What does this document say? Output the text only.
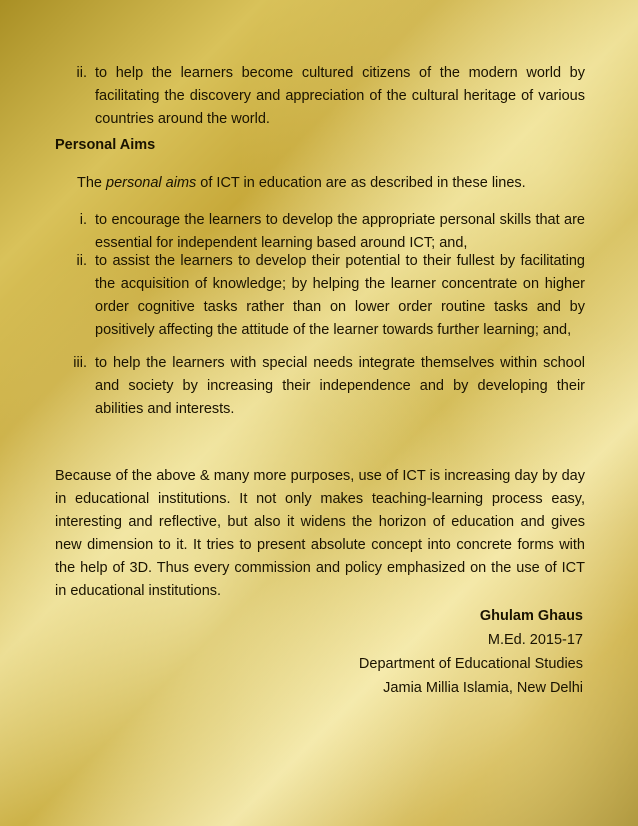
ii. to help the learners become cultured citizens of the modern world by facilitating the discovery and appreciation of the cultural heritage of various countries around the world.
Personal Aims
The personal aims of ICT in education are as described in these lines.
i. to encourage the learners to develop the appropriate personal skills that are essential for independent learning based around ICT; and,
ii. to assist the learners to develop their potential to their fullest by facilitating the acquisition of knowledge; by helping the learner concentrate on higher order cognitive tasks rather than on lower order routine tasks and by positively affecting the attitude of the learner towards further learning; and,
iii. to help the learners with special needs integrate themselves within school and society by increasing their independence and by developing their abilities and interests.
Because of the above & many more purposes, use of ICT is increasing day by day in educational institutions. It not only makes teaching-learning process easy, interesting and reflective, but also it widens the horizon of education and gives new dimension to it. It tries to present absolute concept into concrete forms with the help of 3D. Thus every commission and policy emphasized on the use of ICT in educational institutions.
Ghulam Ghaus
M.Ed. 2015-17
Department of Educational Studies
Jamia Millia Islamia, New Delhi
